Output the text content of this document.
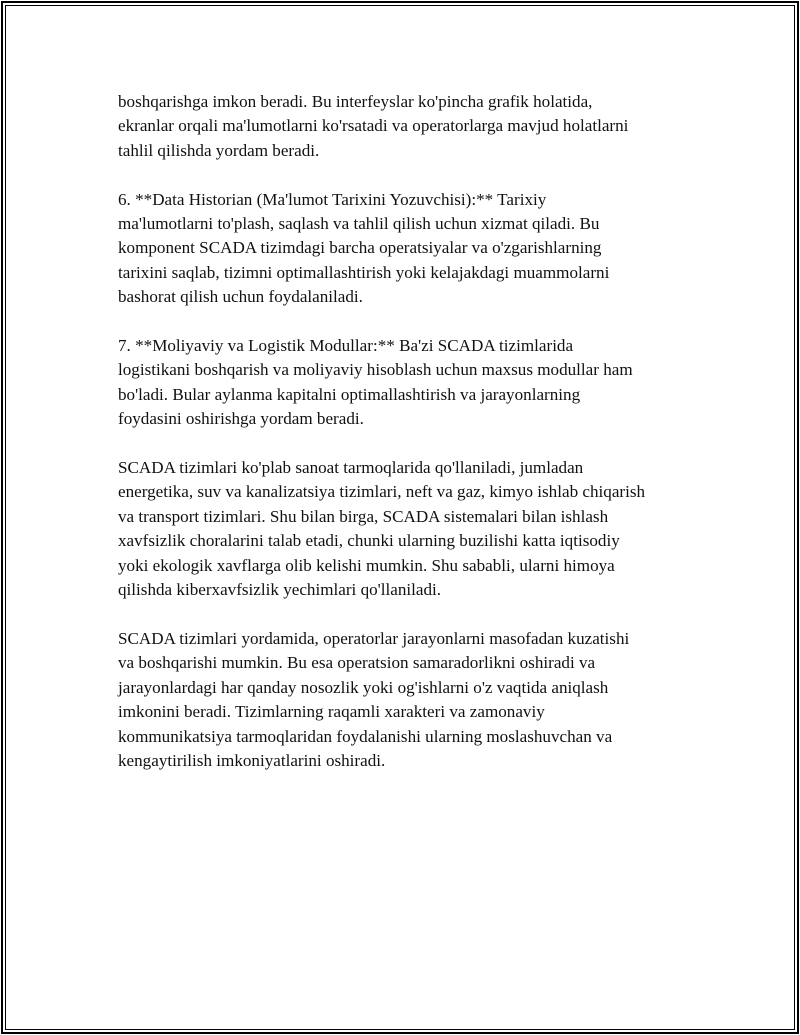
boshqarishga imkon beradi. Bu interfeyslar ko'pincha grafik holatida,
ekranlar orqali ma'lumotlarni ko'rsatadi va operatorlarga mavjud holatlarni
tahlil qilishda yordam beradi.

6. **Data Historian (Ma'lumot Tarixini Yozuvchisi):** Tarixiy
ma'lumotlarni to'plash, saqlash va tahlil qilish uchun xizmat qiladi. Bu
komponent SCADA tizimdagi barcha operatsiyalar va o'zgarishlarning
tarixini saqlab, tizimni optimallashtirish yoki kelajakdagi muammolarni
bashorat qilish uchun foydalaniladi.

7. **Moliyaviy va Logistik Modullar:** Ba'zi SCADA tizimlarida
logistikani boshqarish va moliyaviy hisoblash uchun maxsus modullar ham
bo'ladi. Bular aylanma kapitalni optimallashtirish va jarayonlarning
foydasini oshirishga yordam beradi.

SCADA tizimlari ko'plab sanoat tarmoqlarida qo'llaniladi, jumladan
energetika, suv va kanalizatsiya tizimlari, neft va gaz, kimyo ishlab chiqarish
va transport tizimlari. Shu bilan birga, SCADA sistemalari bilan ishlash
xavfsizlik choralarini talab etadi, chunki ularning buzilishi katta iqtisodiy
yoki ekologik xavflarga olib kelishi mumkin. Shu sababli, ularni himoya
qilishda kiberxavfsizlik yechimlari qo'llaniladi.

SCADA tizimlari yordamida, operatorlar jarayonlarni masofadan kuzatishi
va boshqarishi mumkin. Bu esa operatsion samaradorlikni oshiradi va
jarayonlardagi har qanday nosozlik yoki og'ishlarni o'z vaqtida aniqlash
imkonini beradi. Tizimlarning raqamli xarakteri va zamonaviy
kommunikatsiya tarmoqlaridan foydalanishi ularning moslashuvchan va
kengaytirilish imkoniyatlarini oshiradi.
